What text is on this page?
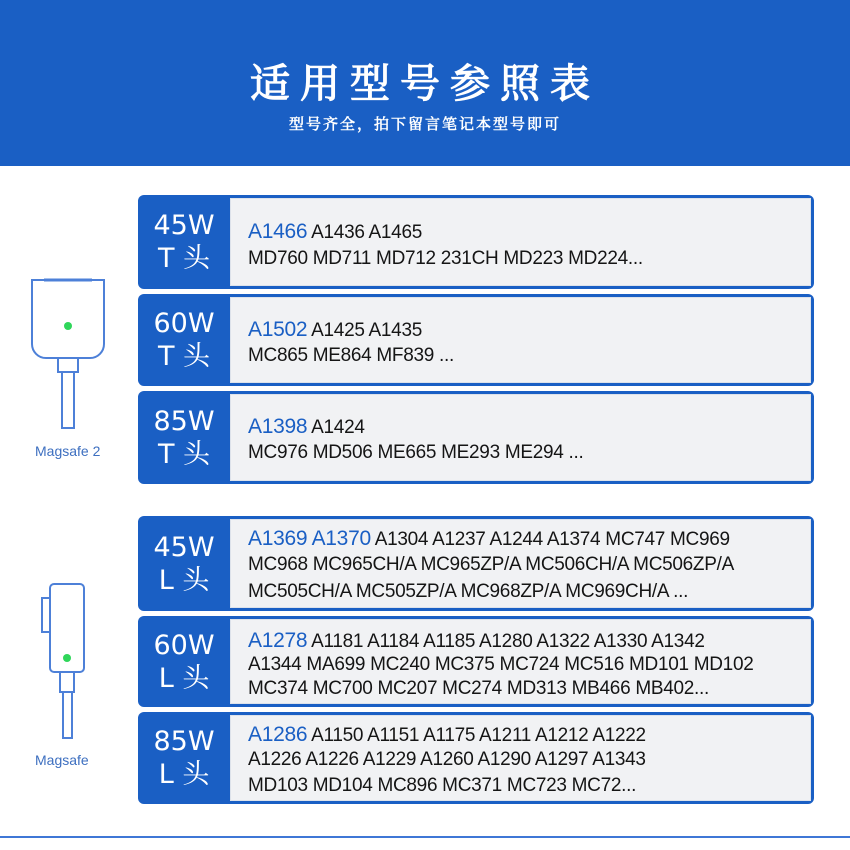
适用型号参照表
型号齐全，拍下留言笔记本型号即可
Magsafe 2
Magsafe
45W
T 头
A1466 A1436 A1465
MD760 MD711 MD712 231CH MD223 MD224...
60W
T 头
A1502 A1425 A1435
MC865 ME864 MF839 ...
85W
T 头
A1398 A1424
MC976 MD506 ME665 ME293 ME294 ...
45W
L 头
A1369 A1370 A1304 A1237 A1244 A1374 MC747 MC969
MC968 MC965CH/A MC965ZP/A MC506CH/A MC506ZP/A
MC505CH/A MC505ZP/A MC968ZP/A MC969CH/A ...
60W
L 头
A1278 A1181 A1184 A1185 A1280 A1322 A1330 A1342
A1344 MA699 MC240 MC375 MC724 MC516 MD101 MD102
MC374 MC700 MC207 MC274 MD313 MB466 MB402...
85W
L 头
A1286 A1150 A1151 A1175 A1211 A1212 A1222
A1226 A1226 A1229 A1260 A1290 A1297 A1343
MD103 MD104 MC896 MC371 MC723 MC72...
